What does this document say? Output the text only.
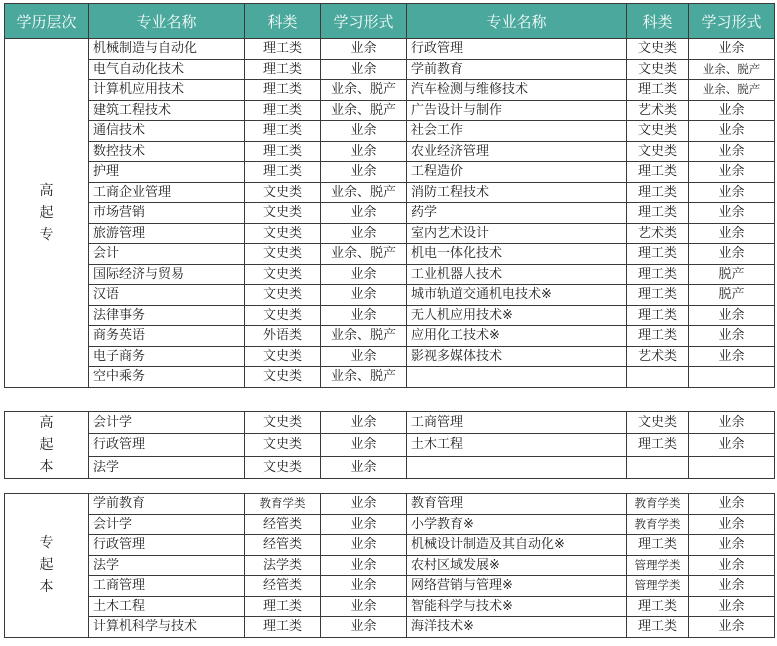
学历层次	专业名称	科类	学习形式	专业名称	科类	学习形式
高
起
专	机械制造与自动化	理工类	业余	行政管理	文史类	业余
	电气自动化技术	理工类	业余	学前教育	文史类	业余、脱产
	计算机应用技术	理工类	业余、脱产	汽车检测与维修技术	理工类	业余、脱产
	建筑工程技术	理工类	业余、脱产	广告设计与制作	艺术类	业余
	通信技术	理工类	业余	社会工作	文史类	业余
	数控技术	理工类	业余	农业经济管理	文史类	业余
	护理	理工类	业余	工程造价	理工类	业余
	工商企业管理	文史类	业余、脱产	消防工程技术	理工类	业余
	市场营销	文史类	业余	药学	理工类	业余
	旅游管理	文史类	业余	室内艺术设计	艺术类	业余
	会计	文史类	业余、脱产	机电一体化技术	理工类	业余
	国际经济与贸易	文史类	业余	工业机器人技术	理工类	脱产
	汉语	文史类	业余	城市轨道交通机电技术※	理工类	脱产
	法律事务	文史类	业余	无人机应用技术※	理工类	业余
	商务英语	外语类	业余、脱产	应用化工技术※	理工类	业余
	电子商务	文史类	业余	影视多媒体技术	艺术类	业余
	空中乘务	文史类	业余、脱产			
高
起
本	会计学	文史类	业余	工商管理	文史类	业余
	行政管理	文史类	业余	土木工程	理工类	业余
	法学	文史类	业余			
专
起
本	学前教育	教育学类	业余	教育管理	教育学类	业余
	会计学	经管类	业余	小学教育※	教育学类	业余
	行政管理	经管类	业余	机械设计制造及其自动化※	理工类	业余
	法学	法学类	业余	农村区域发展※	管理学类	业余
	工商管理	经管类	业余	网络营销与管理※	管理学类	业余
	土木工程	理工类	业余	智能科学与技术※	理工类	业余
	计算机科学与技术	理工类	业余	海洋技术※	理工类	业余
